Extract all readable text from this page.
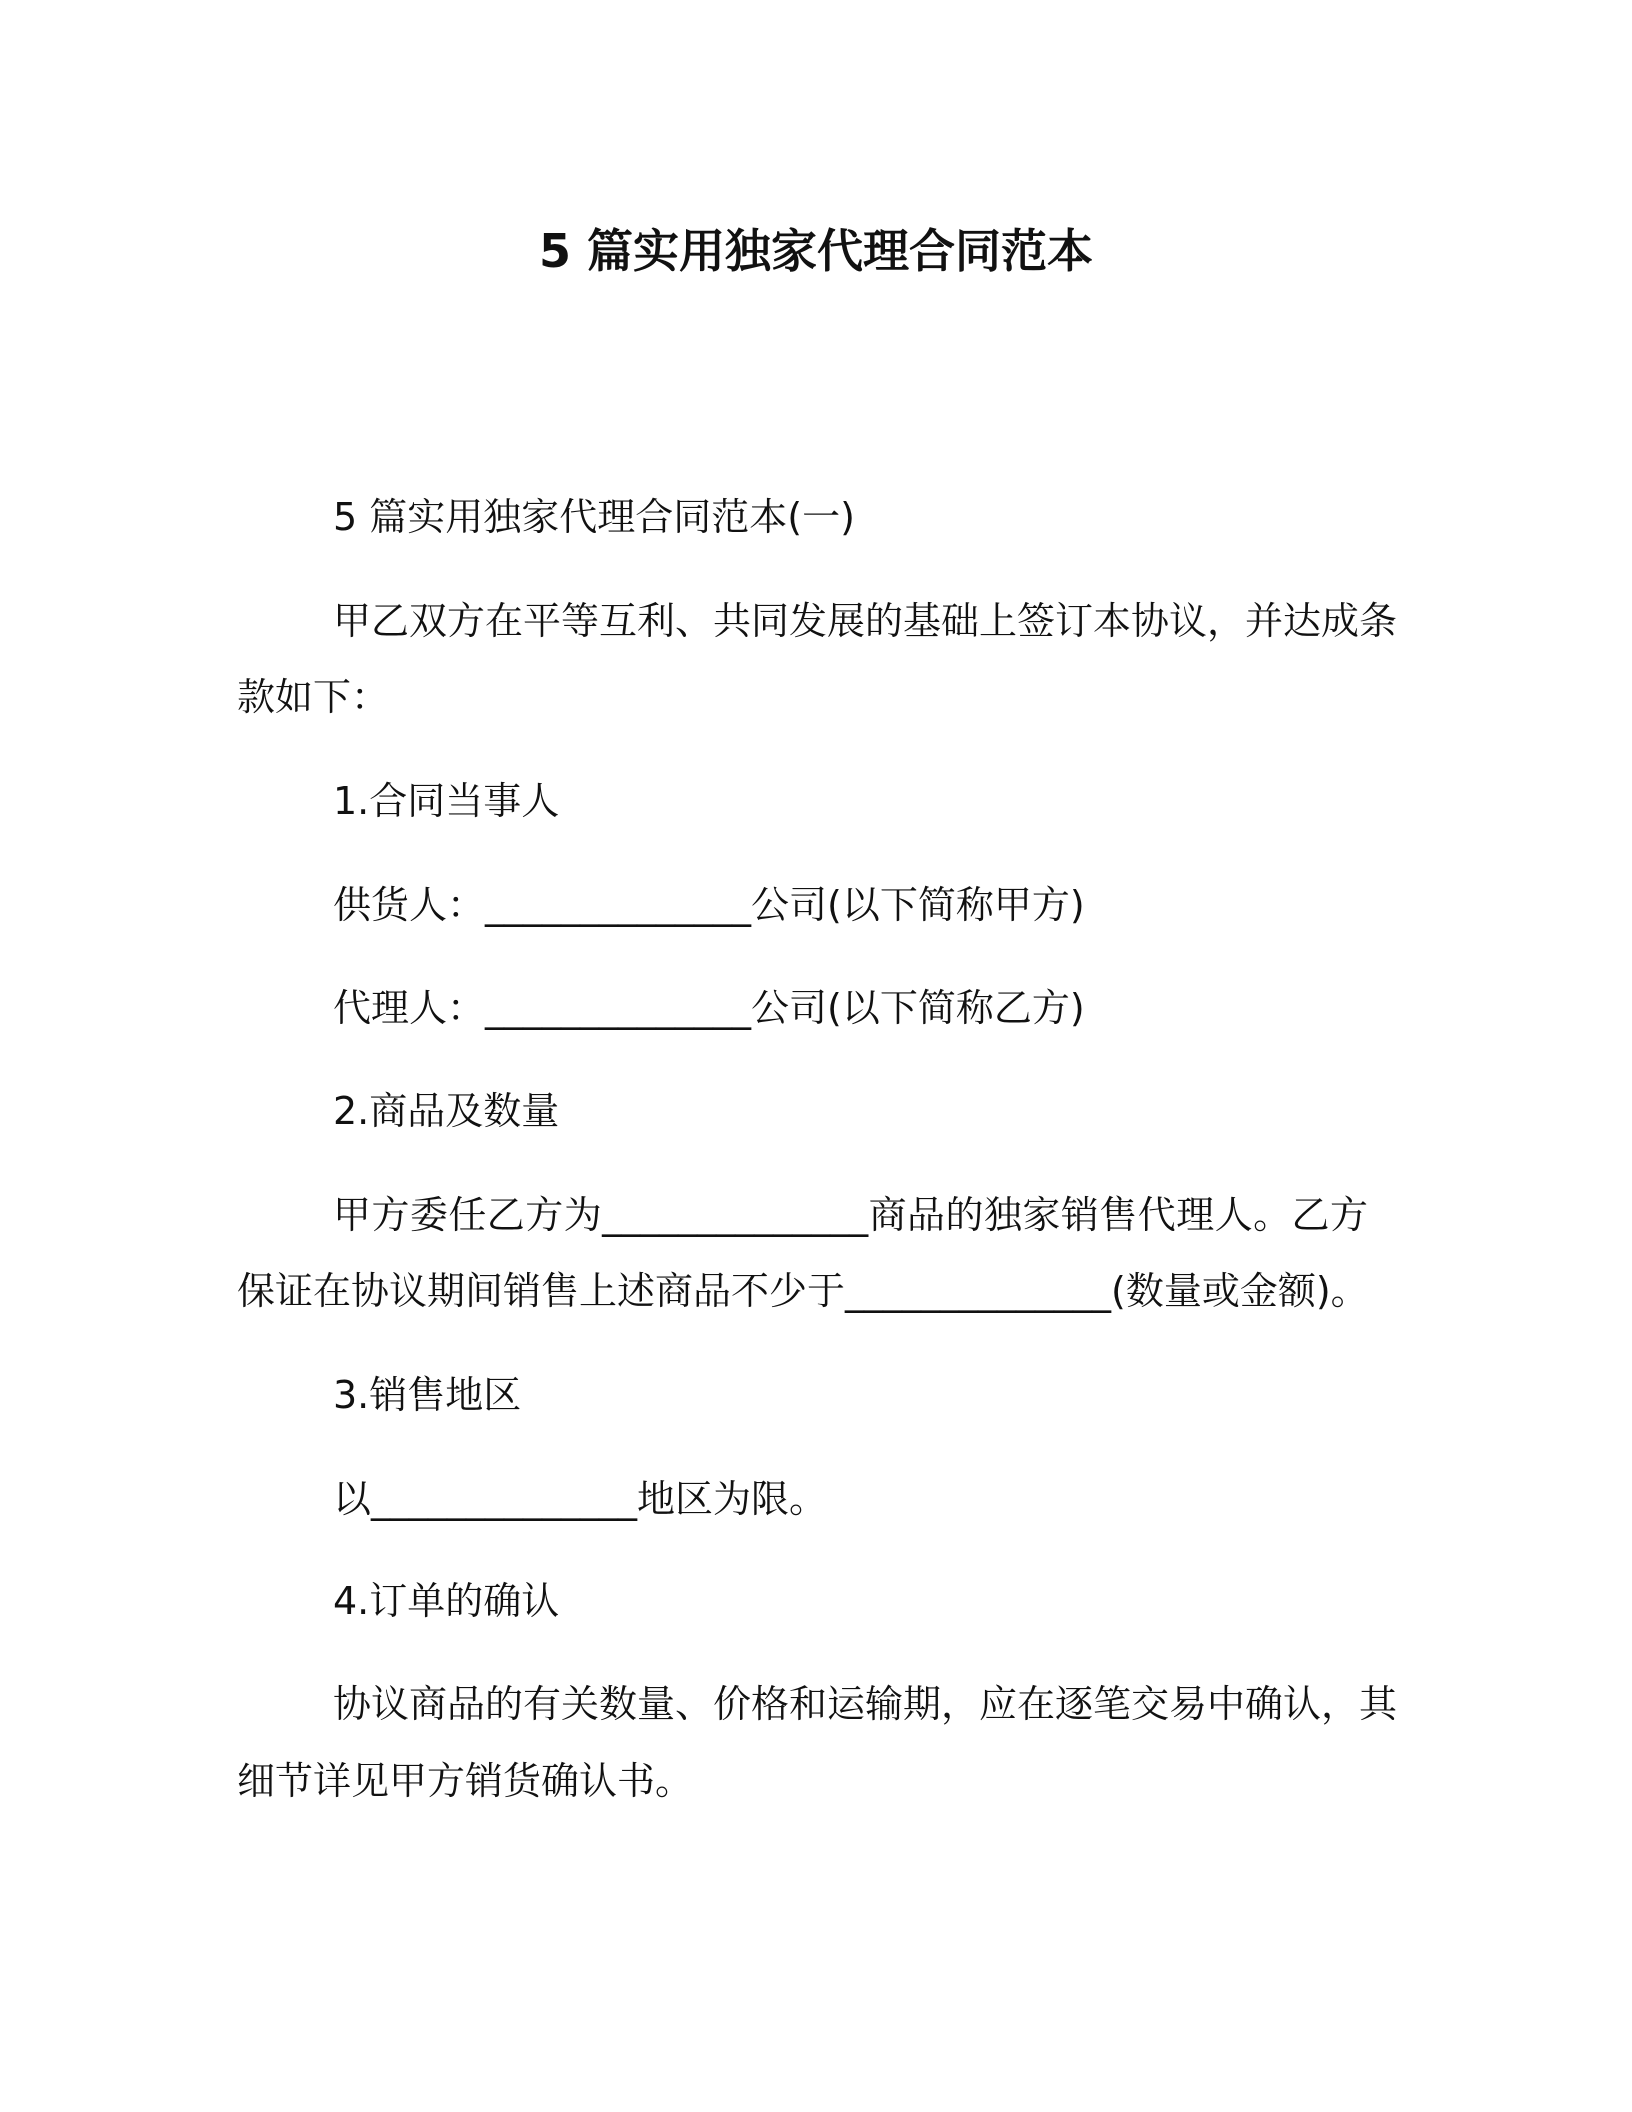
5 篇实用独家代理合同范本
5 篇实用独家代理合同范本(一)
甲乙双方在平等互利、共同发展的基础上签订本协议，并达成条
款如下：
1.合同当事人
供货人：______________公司(以下简称甲方)
代理人：______________公司(以下简称乙方)
2.商品及数量
甲方委任乙方为______________商品的独家销售代理人。乙方
保证在协议期间销售上述商品不少于______________(数量或金额)。
3.销售地区
以______________地区为限。
4.订单的确认
协议商品的有关数量、价格和运输期，应在逐笔交易中确认，其
细节详见甲方销货确认书。
